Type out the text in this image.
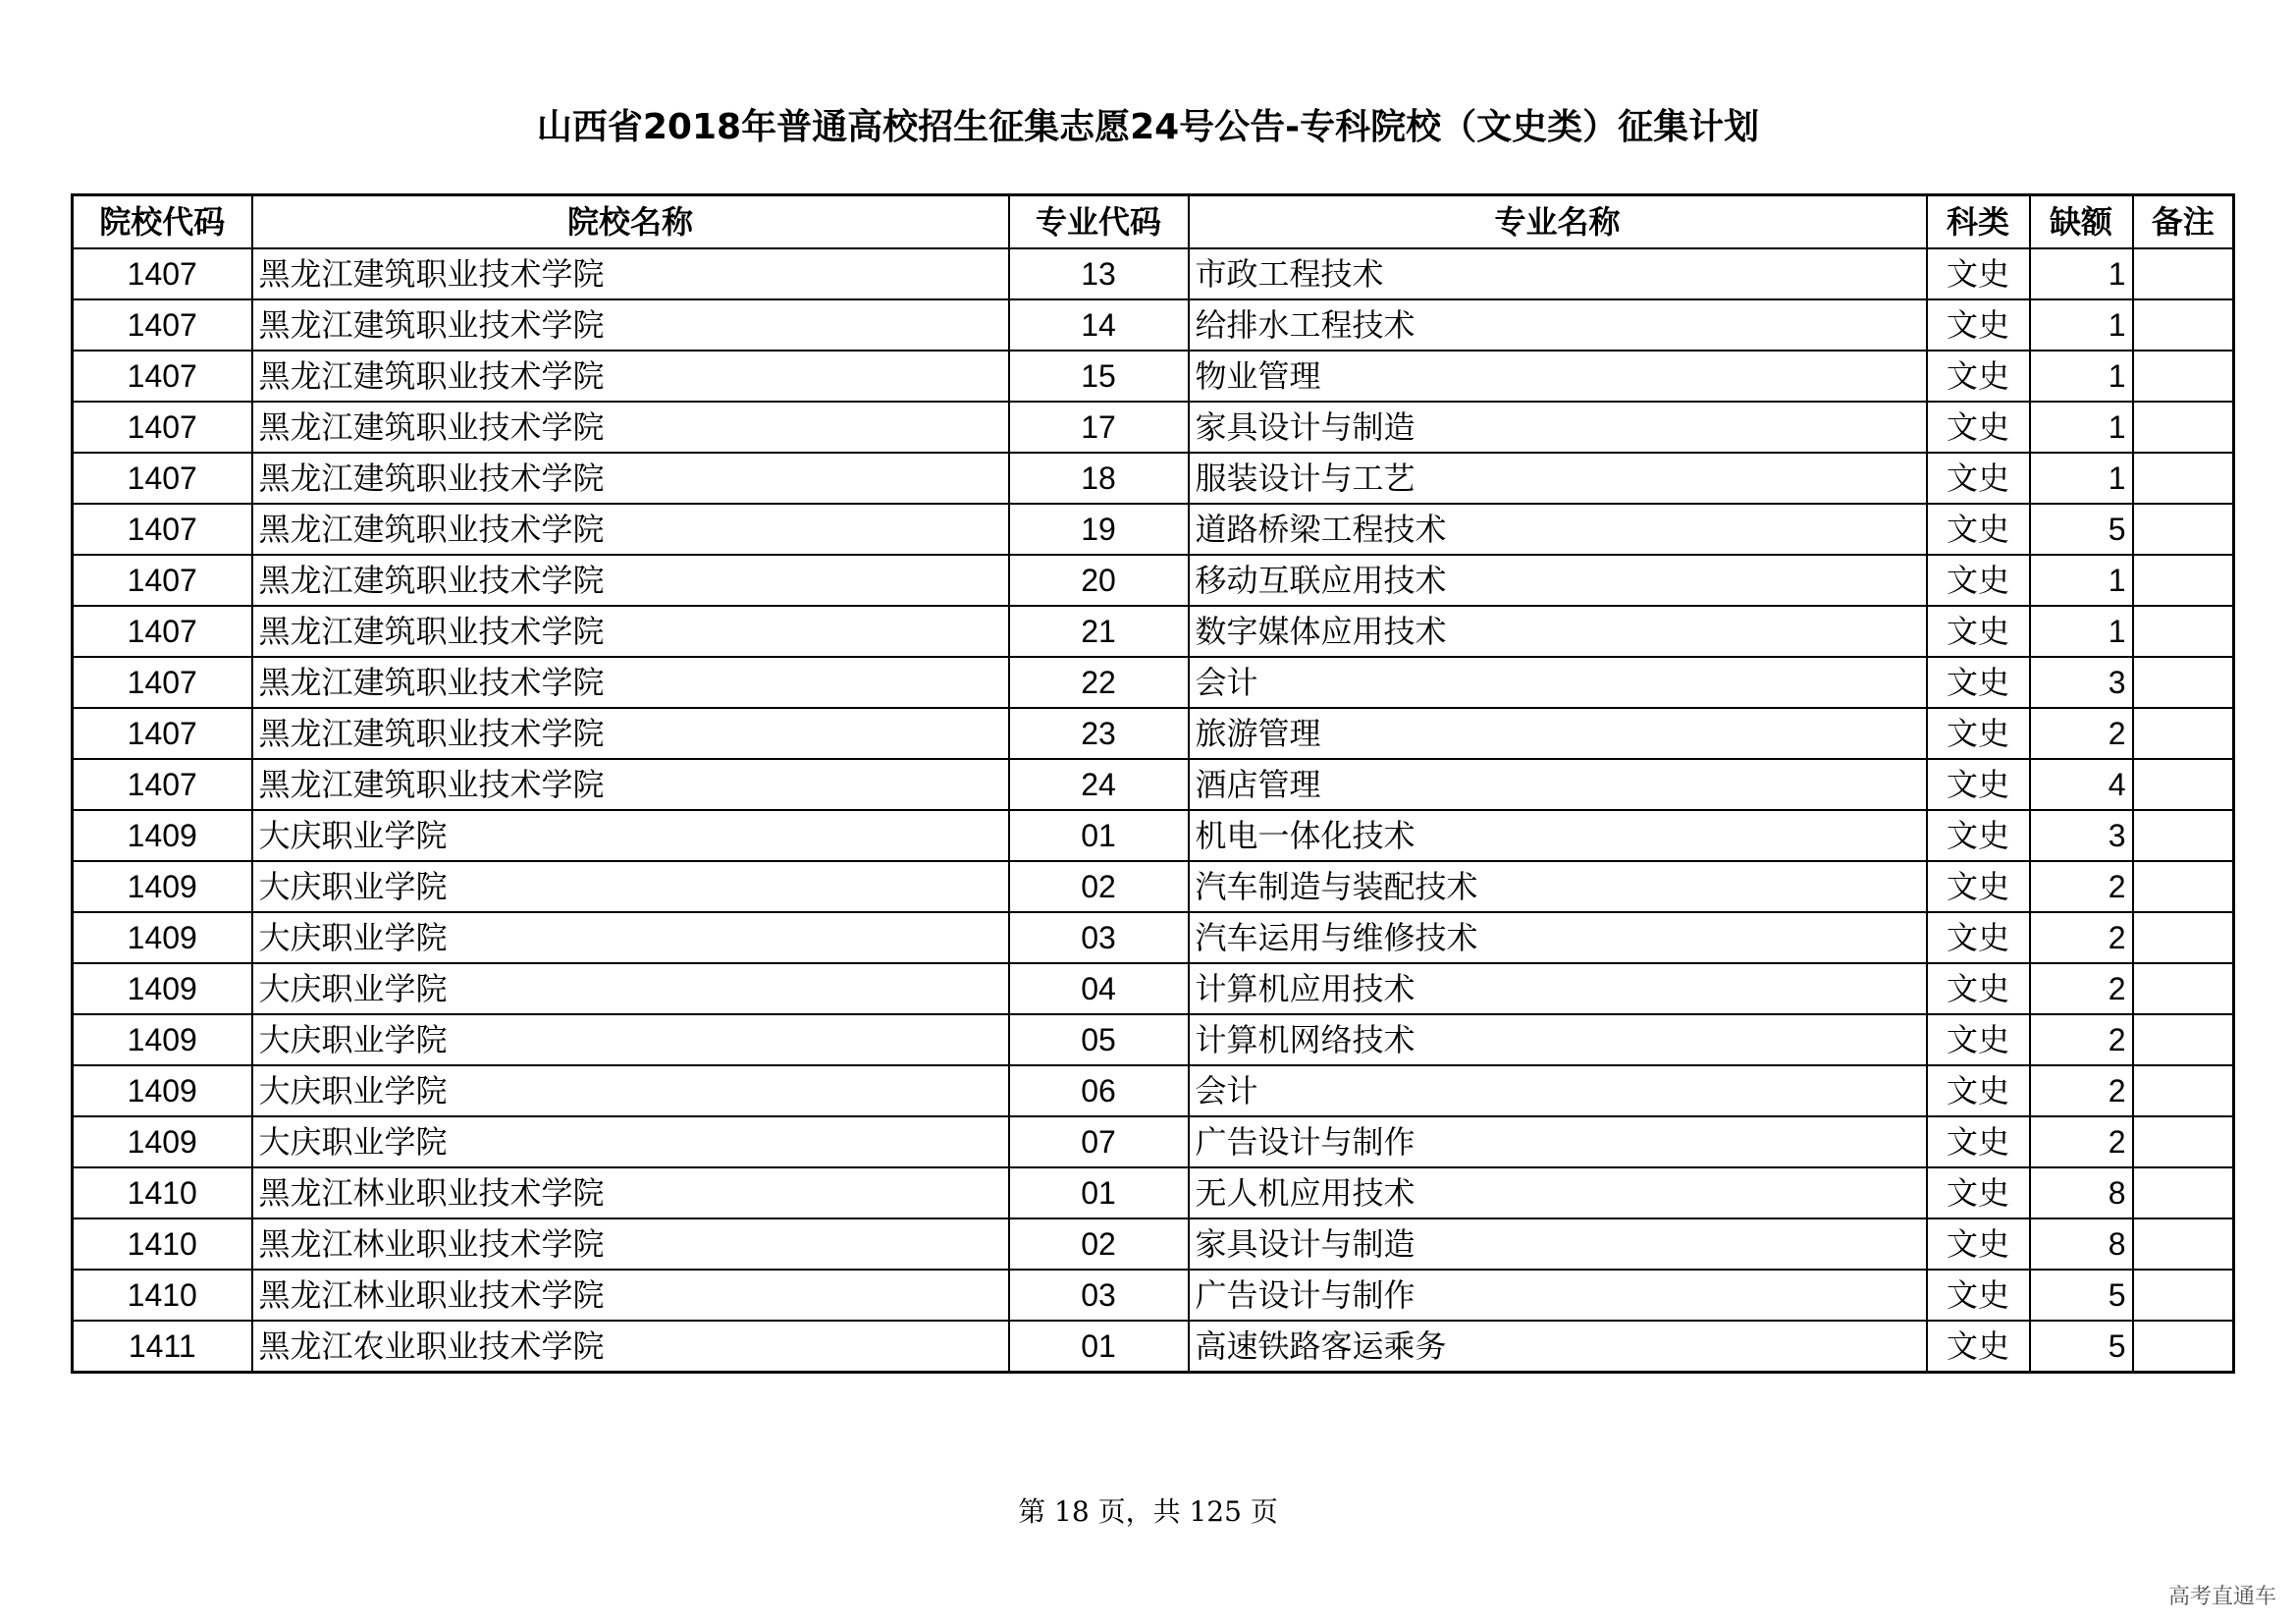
山西省2018年普通高校招生征集志愿24号公告-专科院校（文史类）征集计划
院校代码	院校名称	专业代码	专业名称	科类	缺额	备注
1407	黑龙江建筑职业技术学院	13	市政工程技术	文史	1	
1407	黑龙江建筑职业技术学院	14	给排水工程技术	文史	1	
1407	黑龙江建筑职业技术学院	15	物业管理	文史	1	
1407	黑龙江建筑职业技术学院	17	家具设计与制造	文史	1	
1407	黑龙江建筑职业技术学院	18	服装设计与工艺	文史	1	
1407	黑龙江建筑职业技术学院	19	道路桥梁工程技术	文史	5	
1407	黑龙江建筑职业技术学院	20	移动互联应用技术	文史	1	
1407	黑龙江建筑职业技术学院	21	数字媒体应用技术	文史	1	
1407	黑龙江建筑职业技术学院	22	会计	文史	3	
1407	黑龙江建筑职业技术学院	23	旅游管理	文史	2	
1407	黑龙江建筑职业技术学院	24	酒店管理	文史	4	
1409	大庆职业学院	01	机电一体化技术	文史	3	
1409	大庆职业学院	02	汽车制造与装配技术	文史	2	
1409	大庆职业学院	03	汽车运用与维修技术	文史	2	
1409	大庆职业学院	04	计算机应用技术	文史	2	
1409	大庆职业学院	05	计算机网络技术	文史	2	
1409	大庆职业学院	06	会计	文史	2	
1409	大庆职业学院	07	广告设计与制作	文史	2	
1410	黑龙江林业职业技术学院	01	无人机应用技术	文史	8	
1410	黑龙江林业职业技术学院	02	家具设计与制造	文史	8	
1410	黑龙江林业职业技术学院	03	广告设计与制作	文史	5	
1411	黑龙江农业职业技术学院	01	高速铁路客运乘务	文史	5	

第 18 页，共 125 页

高考直通车
